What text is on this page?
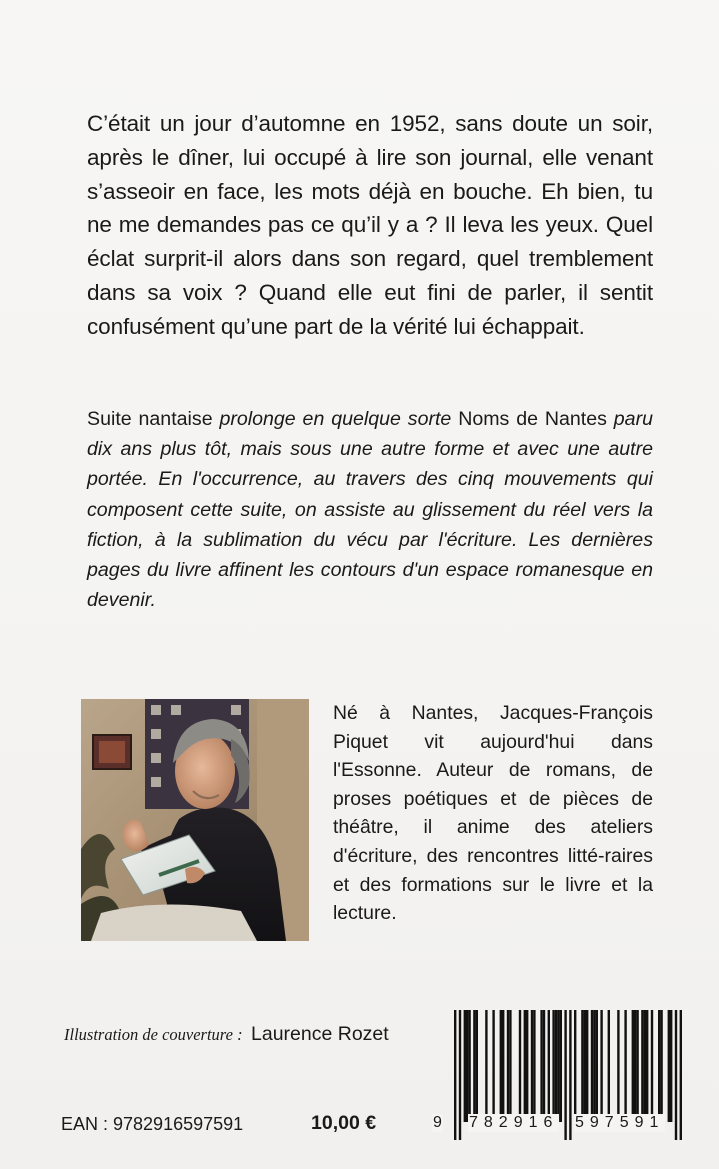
C’était un jour d’automne en 1952, sans doute un soir, après le dîner, lui occupé à lire son journal, elle venant s’asseoir en face, les mots déjà en bouche. Eh bien, tu ne me demandes pas ce qu’il y a ? Il leva les yeux. Quel éclat surprit-il alors dans son regard, quel tremblement dans sa voix ? Quand elle eut fini de parler, il sentit confusément qu’une part de la vérité lui échappait.

Suite nantaise prolonge en quelque sorte Noms de Nantes paru dix ans plus tôt, mais sous une autre forme et avec une autre portée. En l'occurrence, au travers des cinq mouvements qui composent cette suite, on assiste au glissement du réel vers la fiction, à la sublimation du vécu par l'écriture. Les dernières pages du livre affinent les contours d'un espace romanesque en devenir.

Né à Nantes, Jacques-François Piquet vit aujourd'hui dans l'Essonne. Auteur de romans, de proses poétiques et de pièces de théâtre, il anime des ateliers d'écriture, des rencontres litté-raires et des formations sur le livre et la lecture.

Illustration de couverture : Laurence Rozet
EAN : 9782916597591	10,00 €	9 782916 597591
